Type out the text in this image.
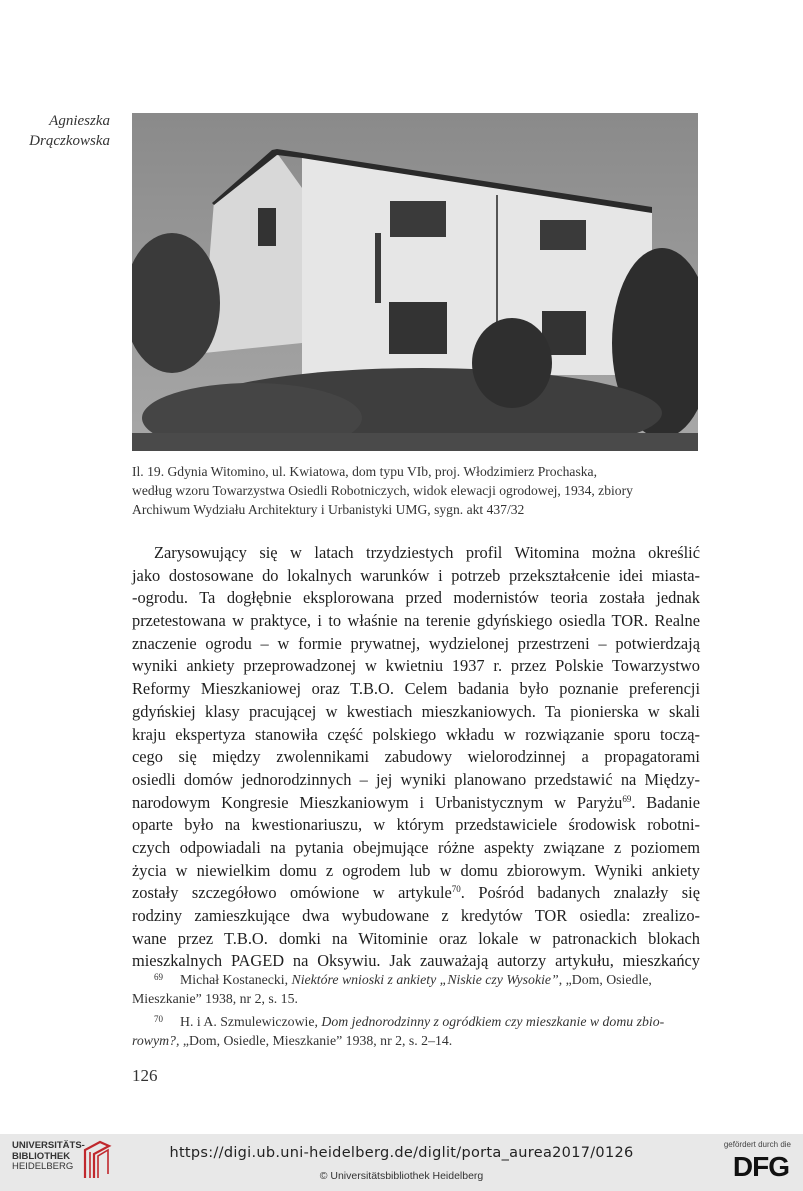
Agnieszka
Drączkowska
Il. 19. Gdynia Witomino, ul. Kwiatowa, dom typu VIb, proj. Włodzimierz Prochaska,
według wzoru Towarzystwa Osiedli Robotniczych, widok elewacji ogrodowej, 1934, zbiory
Archiwum Wydziału Architektury i Urbanistyki UMG, sygn. akt 437/32
Zarysowujący się w latach trzydziestych profil Witomina można określić
jako dostosowane do lokalnych warunków i potrzeb przekształcenie idei miasta-
-ogrodu. Ta dogłębnie eksplorowana przed modernistów teoria została jednak
przetestowana w praktyce, i to właśnie na terenie gdyńskiego osiedla TOR. Realne
znaczenie ogrodu – w formie prywatnej, wydzielonej przestrzeni – potwierdzają
wyniki ankiety przeprowadzonej w kwietniu 1937 r. przez Polskie Towarzystwo
Reformy Mieszkaniowej oraz T.B.O. Celem badania było poznanie preferencji
gdyńskiej klasy pracującej w kwestiach mieszkaniowych. Ta pionierska w skali
kraju ekspertyza stanowiła część polskiego wkładu w rozwiązanie sporu toczą-
cego się między zwolennikami zabudowy wielorodzinnej a propagatorami
osiedli domów jednorodzinnych – jej wyniki planowano przedstawić na Między-
narodowym Kongresie Mieszkaniowym i Urbanistycznym w Paryżu$^{69}$. Badanie
oparte było na kwestionariuszu, w którym przedstawiciele środowisk robotni-
czych odpowiadali na pytania obejmujące różne aspekty związane z poziomem
życia w niewielkim domu z ogrodem lub w domu zbiorowym. Wyniki ankiety
zostały szczegółowo omówione w artykule$^{70}$. Pośród badanych znalazły się
rodziny zamieszkujące dwa wybudowane z kredytów TOR osiedla: zrealizo-
wane przez T.B.O. domki na Witominie oraz lokale w patronackich blokach
mieszkalnych PAGED na Oksywiu. Jak zauważają autorzy artykułu, mieszkańcy
69 Michał Kostanecki, Niektóre wnioski z ankiety „Niskie czy Wysokie”, „Dom, Osiedle,
Mieszkanie” 1938, nr 2, s. 15.
70 H. i A. Szmulewiczowie, Dom jednorodzinny z ogródkiem czy mieszkanie w domu zbio-
rowym?, „Dom, Osiedle, Mieszkanie” 1938, nr 2, s. 2–14.
126
UNIVERSITÄTS-
BIBLIOTHEK
HEIDELBERG
https://digi.ub.uni-heidelberg.de/diglit/porta_aurea2017/0126
© Universitätsbibliothek Heidelberg
gefördert durch die
DFG
